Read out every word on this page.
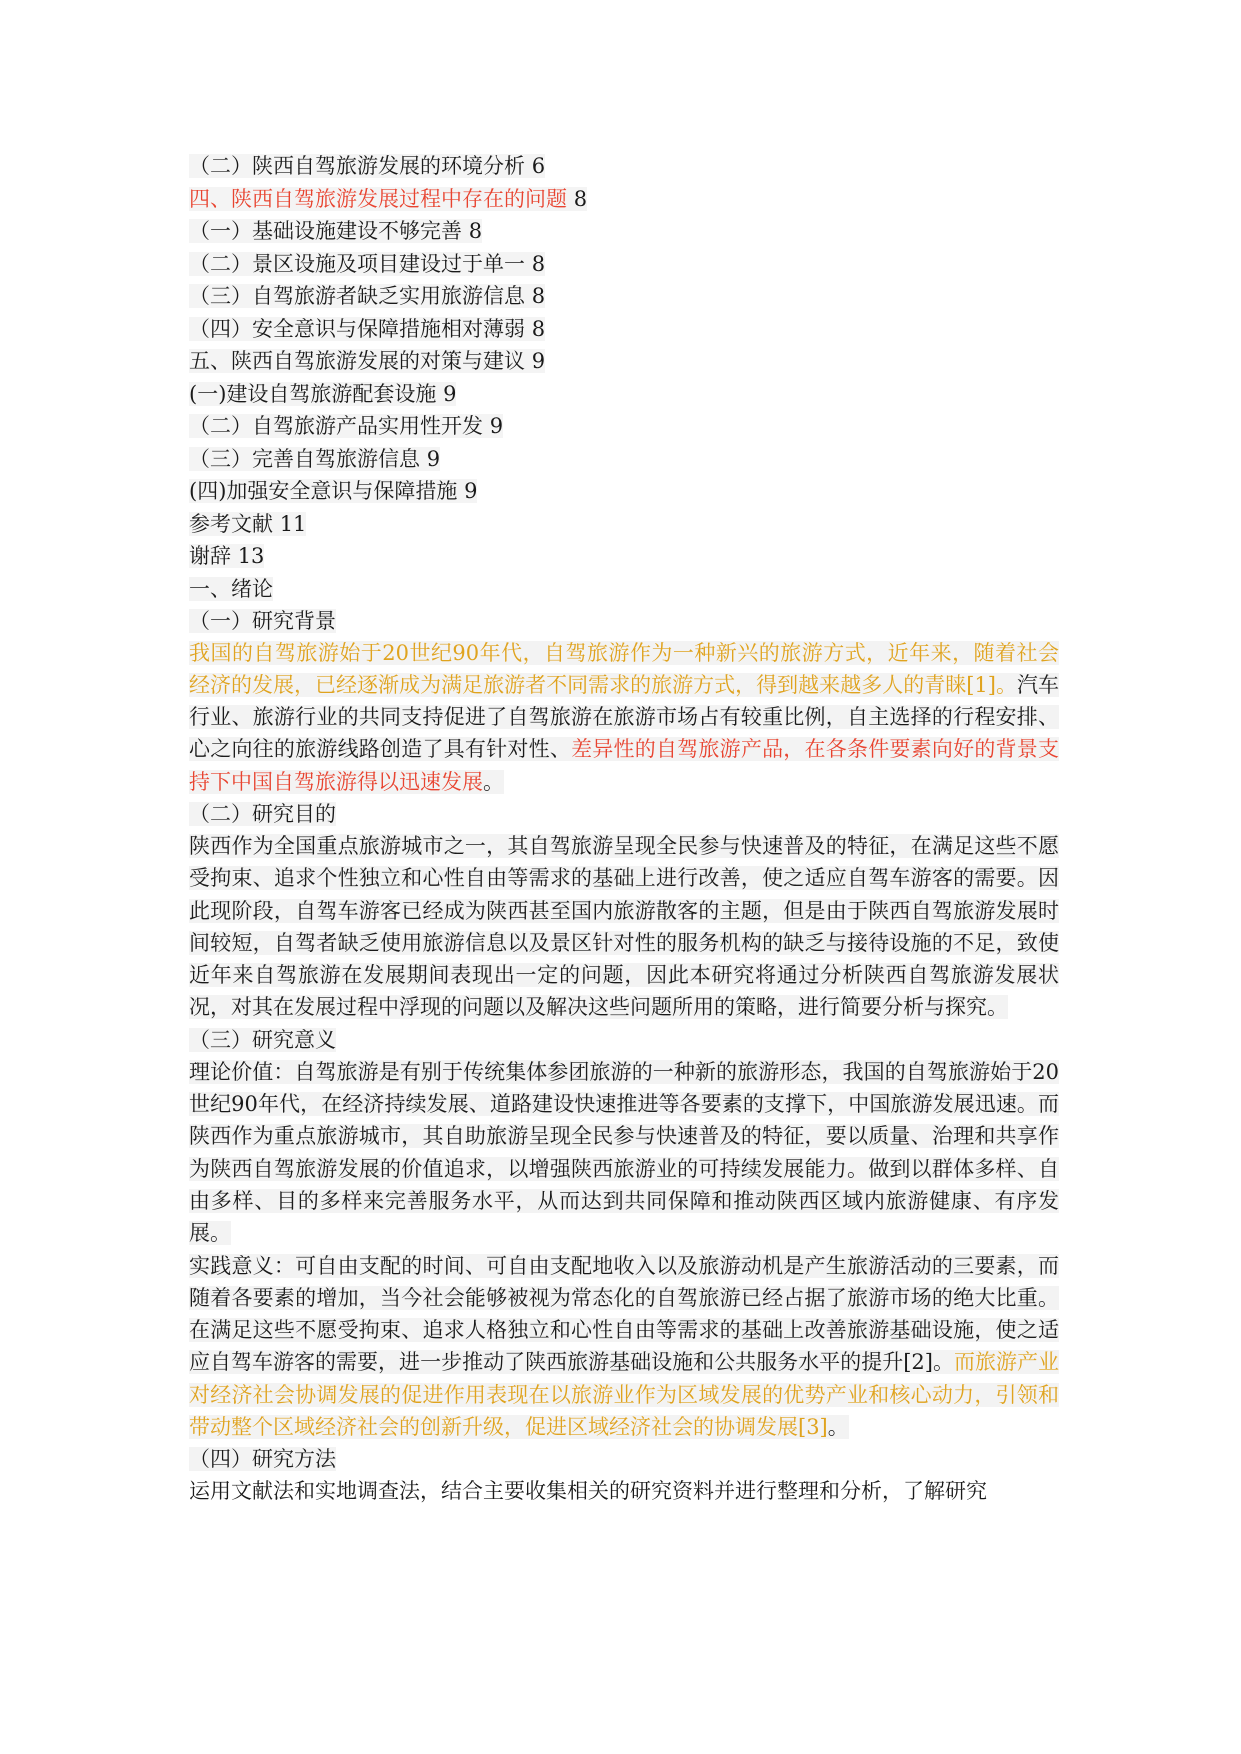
（二）陕西自驾旅游发展的环境分析 6
四、陕西自驾旅游发展过程中存在的问题 8
（一）基础设施建设不够完善 8
（二）景区设施及项目建设过于单一 8
（三）自驾旅游者缺乏实用旅游信息 8
（四）安全意识与保障措施相对薄弱 8
五、陕西自驾旅游发展的对策与建议 9
(一)建设自驾旅游配套设施 9
（二）自驾旅游产品实用性开发 9
（三）完善自驾旅游信息 9
(四)加强安全意识与保障措施 9
参考文献 11
谢辞 13
一、绪论
（一）研究背景
我国的自驾旅游始于20世纪90年代，自驾旅游作为一种新兴的旅游方式，近年来，随着社会经济的发展，已经逐渐成为满足旅游者不同需求的旅游方式，得到越来越多人的青睐[1]。汽车行业、旅游行业的共同支持促进了自驾旅游在旅游市场占有较重比例，自主选择的行程安排、心之向往的旅游线路创造了具有针对性、差异性的自驾旅游产品，在各条件要素向好的背景支持下中国自驾旅游得以迅速发展。
（二）研究目的
陕西作为全国重点旅游城市之一，其自驾旅游呈现全民参与快速普及的特征，在满足这些不愿受拘束、追求个性独立和心性自由等需求的基础上进行改善，使之适应自驾车游客的需要。因此现阶段，自驾车游客已经成为陕西甚至国内旅游散客的主题，但是由于陕西自驾旅游发展时间较短，自驾者缺乏使用旅游信息以及景区针对性的服务机构的缺乏与接待设施的不足，致使近年来自驾旅游在发展期间表现出一定的问题，因此本研究将通过分析陕西自驾旅游发展状况，对其在发展过程中浮现的问题以及解决这些问题所用的策略，进行简要分析与探究。
（三）研究意义
理论价值：自驾旅游是有别于传统集体参团旅游的一种新的旅游形态，我国的自驾旅游始于20世纪90年代，在经济持续发展、道路建设快速推进等各要素的支撑下，中国旅游发展迅速。而陕西作为重点旅游城市，其自助旅游呈现全民参与快速普及的特征，要以质量、治理和共享作为陕西自驾旅游发展的价值追求，以增强陕西旅游业的可持续发展能力。做到以群体多样、自由多样、目的多样来完善服务水平，从而达到共同保障和推动陕西区域内旅游健康、有序发展。
实践意义：可自由支配的时间、可自由支配地收入以及旅游动机是产生旅游活动的三要素，而随着各要素的增加，当今社会能够被视为常态化的自驾旅游已经占据了旅游市场的绝大比重。在满足这些不愿受拘束、追求人格独立和心性自由等需求的基础上改善旅游基础设施，使之适应自驾车游客的需要，进一步推动了陕西旅游基础设施和公共服务水平的提升[2]。而旅游产业对经济社会协调发展的促进作用表现在以旅游业作为区域发展的优势产业和核心动力，引领和带动整个区域经济社会的创新升级，促进区域经济社会的协调发展[3]。
（四）研究方法
运用文献法和实地调查法，结合主要收集相关的研究资料并进行整理和分析，了解研究
